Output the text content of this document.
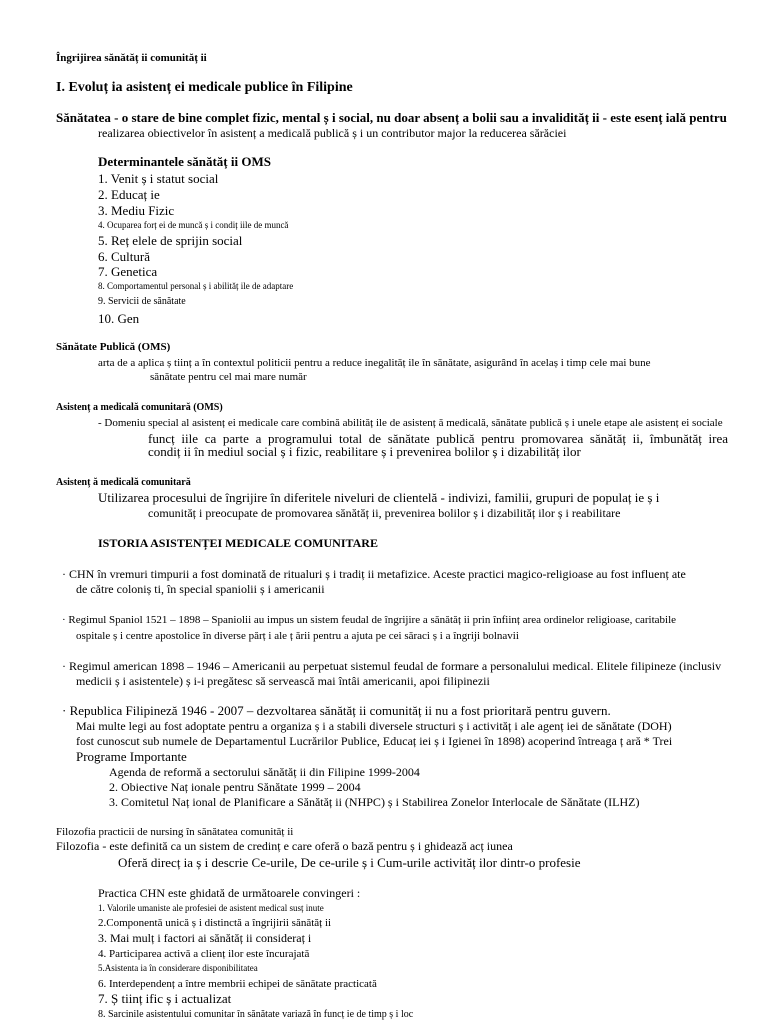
Îngrijirea sănătăț ii comunităț ii
I. Evoluț ia asistenț ei medicale publice în Filipine
Sănătatea - o stare de bine complet fizic, mental ș i social, nu doar absenț a bolii sau a invalidităț ii - este esenț ială pentru
realizarea obiectivelor în asistenț a medicală publică ș i un contributor major la reducerea sărăciei
Determinantele sănătăț ii OMS
1. Venit ș i statut social
2. Educaț ie
3. Mediu Fizic
4. Ocuparea forț ei de muncă ș i condiț iile de muncă
5. Reț elele de sprijin social
6. Cultură
7. Genetica
8. Comportamentul personal ș i abilităț ile de adaptare
9. Servicii de sănătate
10. Gen
Sănătate Publică (OMS)
arta de a aplica ș tiinț a în contextul politicii pentru a reduce inegalităț ile în sănătate, asigurând în acelaș i timp cele mai bune
sănătate pentru cel mai mare număr
Asistenț a medicală comunitară (OMS)
- Domeniu special al asistenț ei medicale care combină abilităț ile de asistenț ă medicală, sănătate publică ș i unele etape ale asistenț ei sociale
funcț iile ca parte a programului total de sănătate publică pentru promovarea sănătăț ii, îmbunătăț irea
condiț ii în mediul social ș i fizic, reabilitare ș i prevenirea bolilor ș i dizabilităț ilor
Asistenț ă medicală comunitară
Utilizarea procesului de îngrijire în diferitele niveluri de clientelă - indivizi, familii, grupuri de populaț ie ș i
comunităț i preocupate de promovarea sănătăț ii, prevenirea bolilor ș i dizabilităț ilor ș i reabilitare
ISTORIA ASISTENȚEI MEDICALE COMUNITARE
· CHN în vremuri timpurii a fost dominată de ritualuri ș i tradiț ii metafizice. Aceste practici magico-religioase au fost influenț ate
de către coloniș ti, în special spaniolii ș i americanii
· Regimul Spaniol 1521 – 1898 – Spaniolii au impus un sistem feudal de îngrijire a sănătăț ii prin înființ area ordinelor religioase, caritabile
ospitale ș i centre apostolice în diverse părț i ale ț ării pentru a ajuta pe cei săraci ș i a îngriji bolnavii
· Regimul american 1898 – 1946 – Americanii au perpetuat sistemul feudal de formare a personalului medical. Elitele filipineze (inclusiv
medicii ș i asistentele) ș i-i pregătesc să servească mai întâi americanii, apoi filipinezii
· Republica Filipineză 1946 - 2007 – dezvoltarea sănătăț ii comunităț ii nu a fost prioritară pentru guvern.
Mai multe legi au fost adoptate pentru a organiza ș i a stabili diversele structuri ș i activităț i ale agenț iei de sănătate (DOH)
fost cunoscut sub numele de Departamentul Lucrărilor Publice, Educaț iei ș i Igienei în 1898) acoperind întreaga ț ară * Trei
Programe Importante
Agenda de reformă a sectorului sănătăț ii din Filipine 1999-2004
2. Obiective Naț ionale pentru Sănătate 1999 – 2004
3. Comitetul Naț ional de Planificare a Sănătăț ii (NHPC) ș i Stabilirea Zonelor Interlocale de Sănătate (ILHZ)
Filozofia practicii de nursing în sănătatea comunităț ii
Filozofia - este definită ca un sistem de credinț e care oferă o bază pentru ș i ghidează acț iunea
Oferă direcț ia ș i descrie Ce-urile, De ce-urile ș i Cum-urile activităț ilor dintr-o profesie
Practica CHN este ghidată de următoarele convingeri :
1. Valorile umaniste ale profesiei de asistent medical susț inute
2.Componentă unică ș i distinctă a îngrijirii sănătăț ii
3. Mai mulț i factori ai sănătăț ii consideraț i
4. Participarea activă a clienț ilor este încurajată
5.Asistenta ia în considerare disponibilitatea
6. Interdependenț a între membrii echipei de sănătate practicată
7. Ș tiinț ific ș i actualizat
8. Sarcinile asistentului comunitar în sănătate variază în funcț ie de timp ș i loc
